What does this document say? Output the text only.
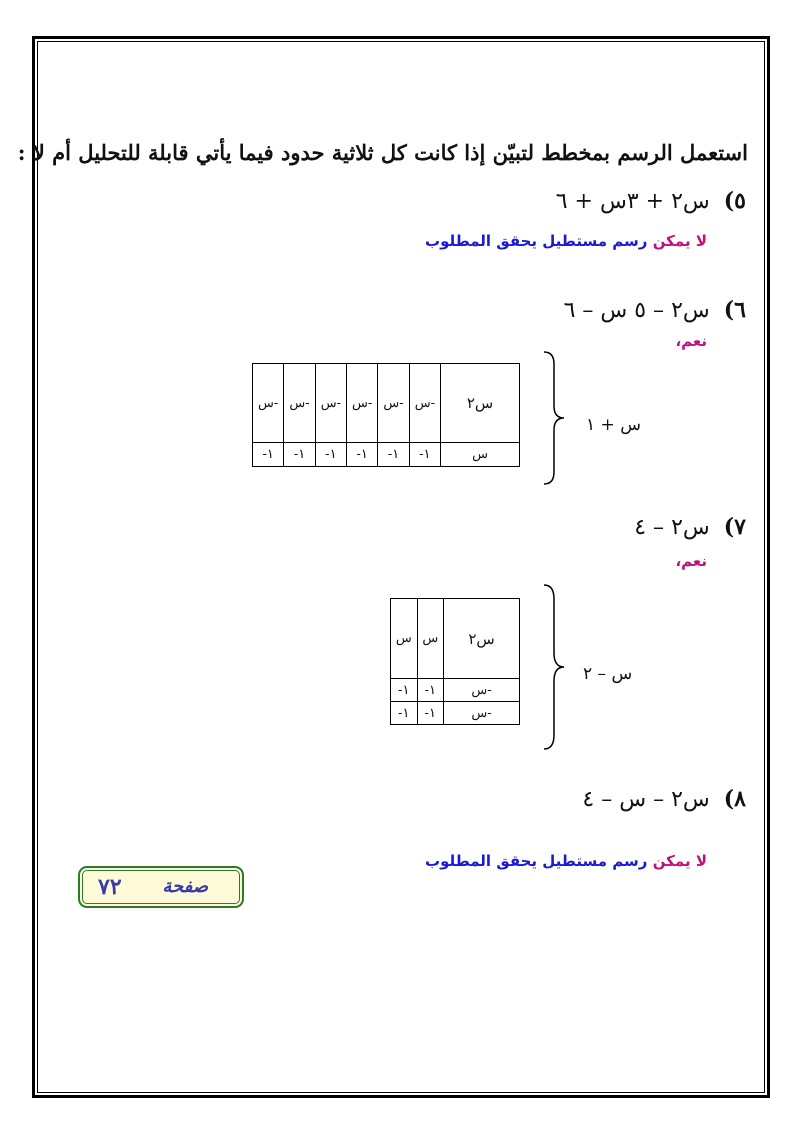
استعمل الرسم بمخطط لتبيّن إذا كانت كل ثلاثية حدود فيما يأتي قابلة للتحليل أم لا :
٥)س٢ + ٣س + ٦
لا يمكن رسم مستطيل يحقق المطلوب
٦)س٢ – ٥ س – ٦
نعم،
س٢	-س	-س	-س	-س	-س	-س
س	١-	١-	١-	١-	١-	١-
س + ١
٧)س٢ – ٤
نعم،
س٢	س	س
-س	١-	١-
-س	١-	١-
س – ٢
٨)س٢ – س – ٤
لا يمكن رسم مستطيل يحقق المطلوب
صفحة
٧٢
